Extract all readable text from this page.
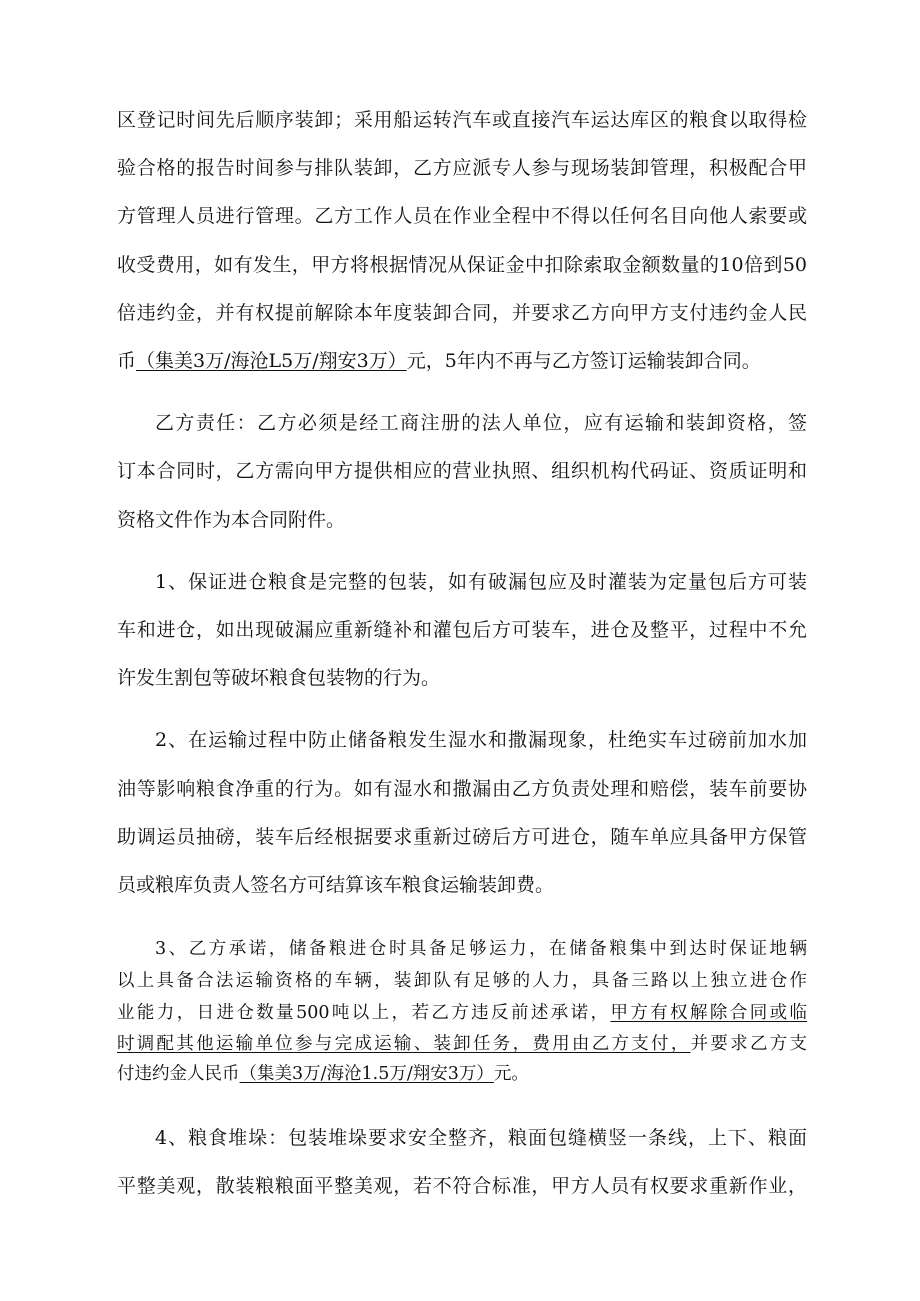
区登记时间先后顺序装卸；采用船运转汽车或直接汽车运达库区的粮食以取得检
验合格的报告时间参与排队装卸，乙方应派专人参与现场装卸管理，积极配合甲
方管理人员进行管理。乙方工作人员在作业全程中不得以任何名目向他人索要或
收受费用，如有发生，甲方将根据情况从保证金中扣除索取金额数量的10倍到50
倍违约金，并有权提前解除本年度装卸合同，并要求乙方向甲方支付违约金人民
币（集美3万/海沧L5万/翔安3万）元，5年内不再与乙方签订运输装卸合同。
乙方责任：乙方必须是经工商注册的法人单位，应有运输和装卸资格，签
订本合同时，乙方需向甲方提供相应的营业执照、组织机构代码证、资质证明和
资格文件作为本合同附件。
1、保证进仓粮食是完整的包装，如有破漏包应及时灌装为定量包后方可装
车和进仓，如出现破漏应重新缝补和灌包后方可装车，进仓及整平，过程中不允
许发生割包等破坏粮食包装物的行为。
2、在运输过程中防止储备粮发生湿水和撒漏现象，杜绝实车过磅前加水加
油等影响粮食净重的行为。如有湿水和撒漏由乙方负责处理和赔偿，装车前要协
助调运员抽磅，装车后经根据要求重新过磅后方可进仓，随车单应具备甲方保管
员或粮库负责人签名方可结算该车粮食运输装卸费。
3、乙方承诺，储备粮进仓时具备足够运力，在储备粮集中到达时保证地辆
以上具备合法运输资格的车辆，装卸队有足够的人力，具备三路以上独立进仓作
业能力，日进仓数量500吨以上，若乙方违反前述承诺，甲方有权解除合同或临
时调配其他运输单位参与完成运输、装卸任务，费用由乙方支付，并要求乙方支
付违约金人民币（集美3万/海沧1.5万/翔安3万）元。
4、粮食堆垛：包装堆垛要求安全整齐，粮面包缝横竖一条线，上下、粮面
平整美观，散装粮粮面平整美观，若不符合标准，甲方人员有权要求重新作业，
